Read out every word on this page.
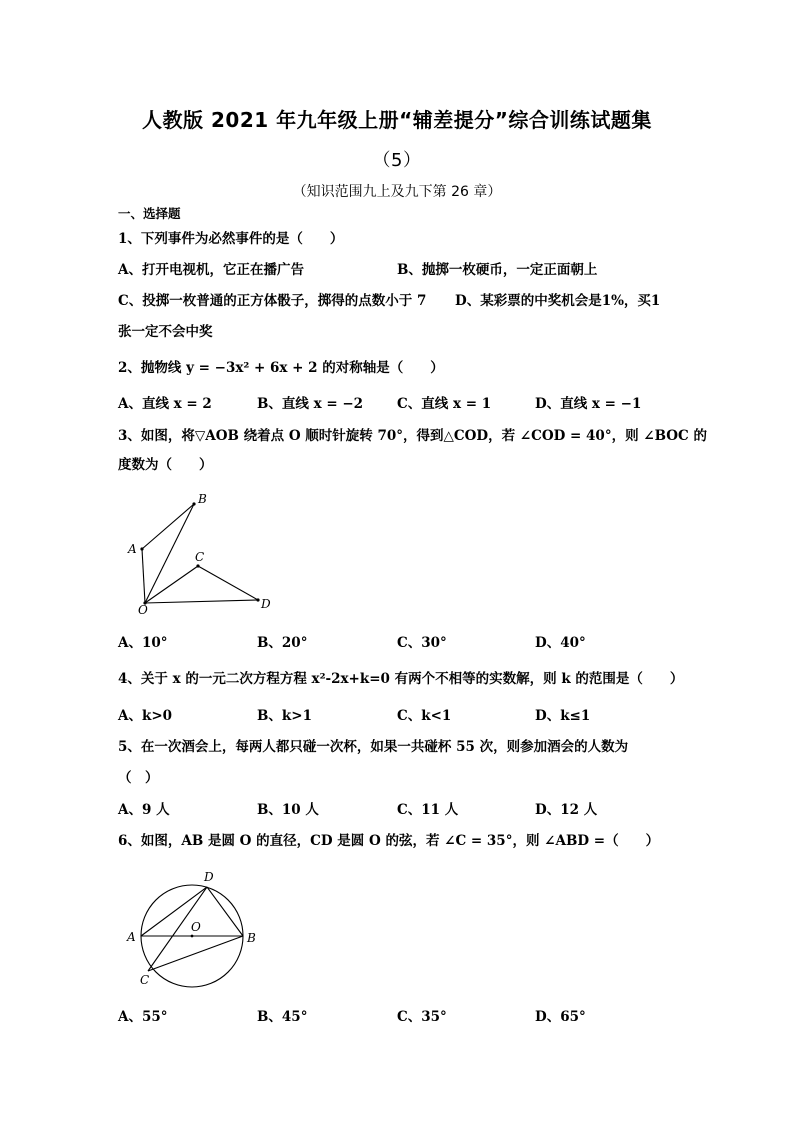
人教版 2021 年九年级上册“辅差提分”综合训练试题集
（5）
（知识范围九上及九下第 26 章）
一、选择题
1、下列事件为必然事件的是（　　）
A、打开电视机，它正在播广告	B、抛掷一枚硬币，一定正面朝上
C、投掷一枚普通的正方体骰子，掷得的点数小于 7 D、某彩票的中奖机会是1%，买1
张一定不会中奖
2、抛物线 y = −3x² + 6x + 2 的对称轴是（　　）
A、直线 x = 2	B、直线 x = −2	C、直线 x = 1	D、直线 x = −1
3、如图，将▽AOB 绕着点 O 顺时针旋转 70°，得到△COD，若 ∠COD = 40°，则 ∠BOC 的
度数为（　　）
B
A
C
O	D
A、10°	B、20°	C、30°	D、40°
4、关于 x 的一元二次方程方程 x²-2x+k=0 有两个不相等的实数解，则 k 的范围是（　　）
A、k>0	B、k>1	C、k<1	D、k≤1
5、在一次酒会上，每两人都只碰一次杯，如果一共碰杯 55 次，则参加酒会的人数为
（　）
A、9 人	B、10 人	C、11 人	D、12 人
6、如图，AB 是圆 O 的直径，CD 是圆 O 的弦，若 ∠C = 35°，则 ∠ABD =（　　）
D
A
O
B
C
A、55°	B、45°	C、35°	D、65°
